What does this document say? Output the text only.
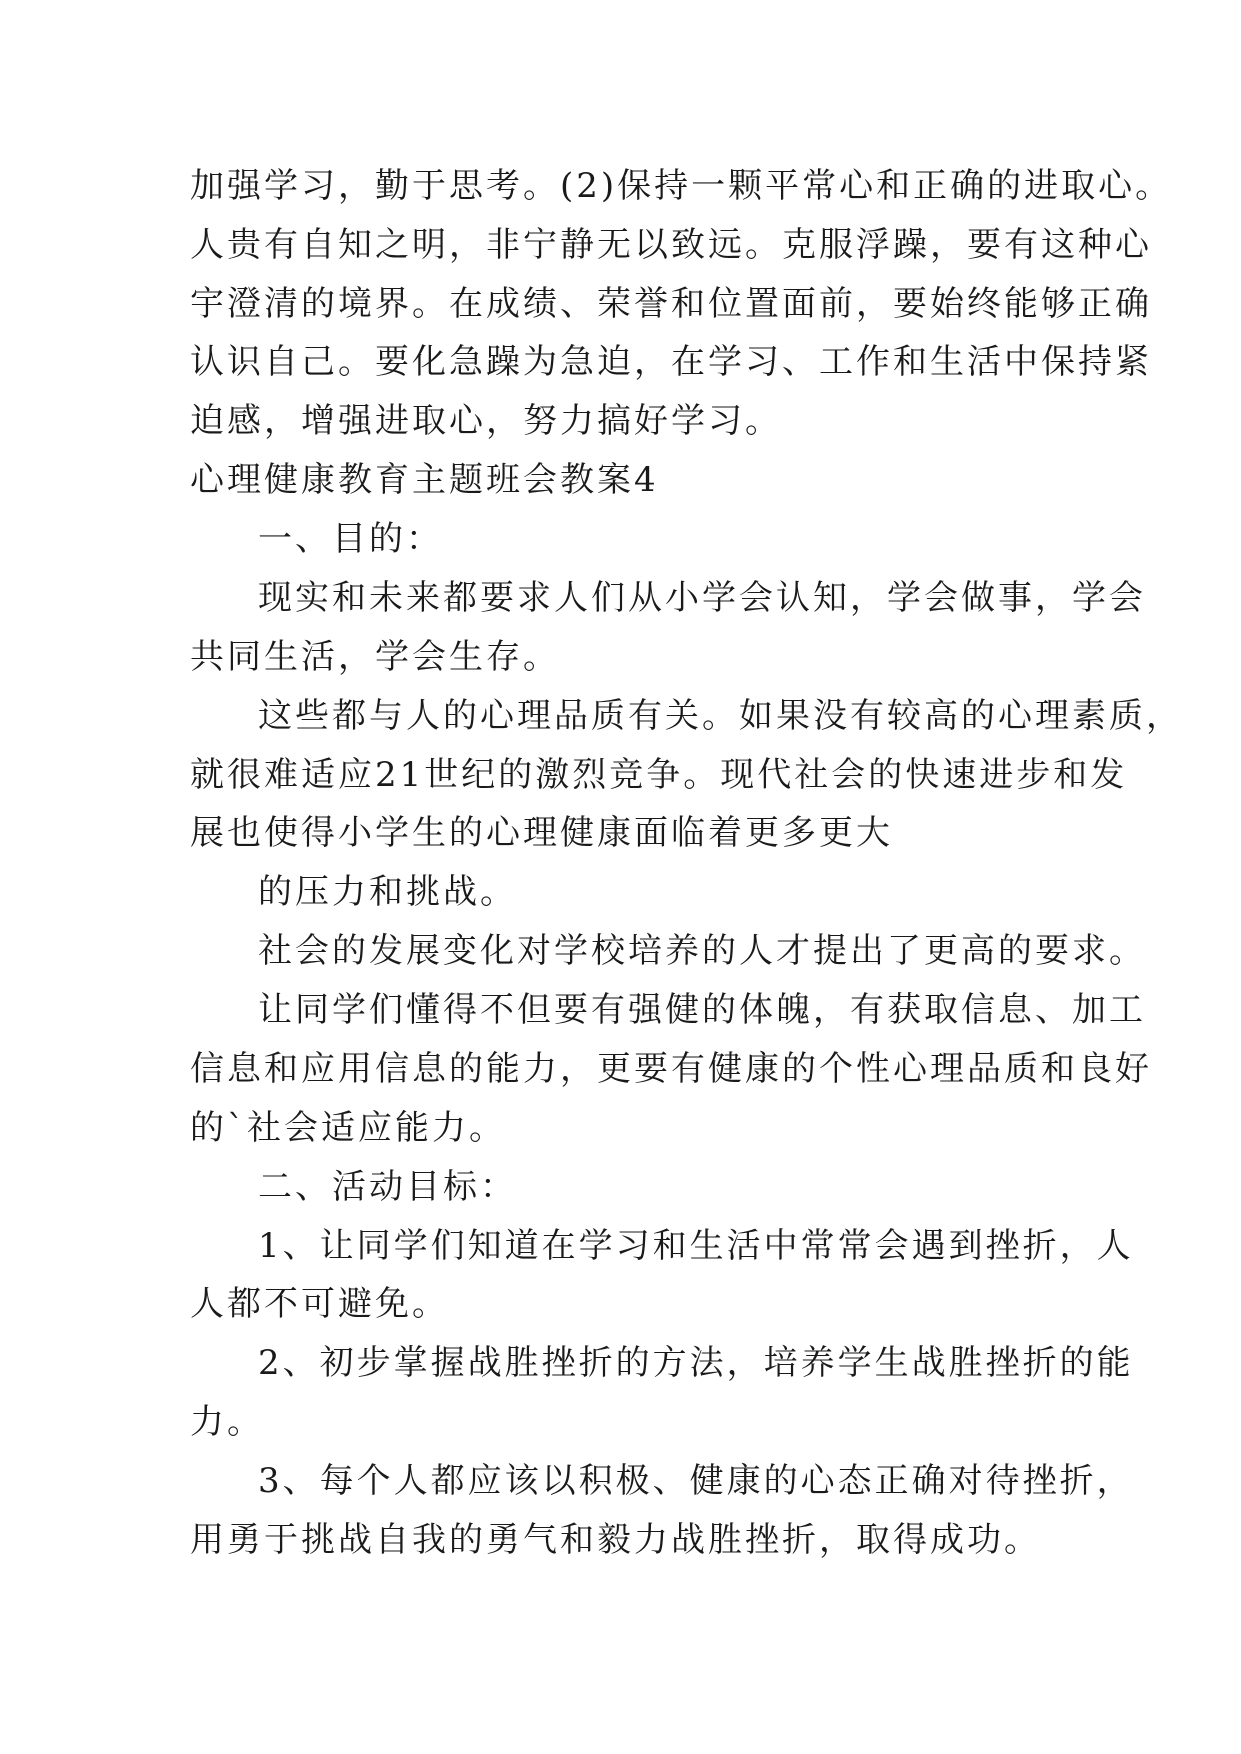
加强学习，勤于思考。(2)保持一颗平常心和正确的进取心。
人贵有自知之明，非宁静无以致远。克服浮躁，要有这种心
宇澄清的境界。在成绩、荣誉和位置面前，要始终能够正确
认识自己。要化急躁为急迫，在学习、工作和生活中保持紧
迫感，增强进取心，努力搞好学习。
心理健康教育主题班会教案4
一、目的：
现实和未来都要求人们从小学会认知，学会做事，学会
共同生活，学会生存。
这些都与人的心理品质有关。如果没有较高的心理素质，
就很难适应21世纪的激烈竞争。现代社会的快速进步和发
展也使得小学生的心理健康面临着更多更大
的压力和挑战。
社会的发展变化对学校培养的人才提出了更高的要求。
让同学们懂得不但要有强健的体魄，有获取信息、加工
信息和应用信息的能力，更要有健康的个性心理品质和良好
的`社会适应能力。
二、活动目标：
1、让同学们知道在学习和生活中常常会遇到挫折，人
人都不可避免。
2、初步掌握战胜挫折的方法，培养学生战胜挫折的能
力。
3、每个人都应该以积极、健康的心态正确对待挫折，
用勇于挑战自我的勇气和毅力战胜挫折，取得成功。
